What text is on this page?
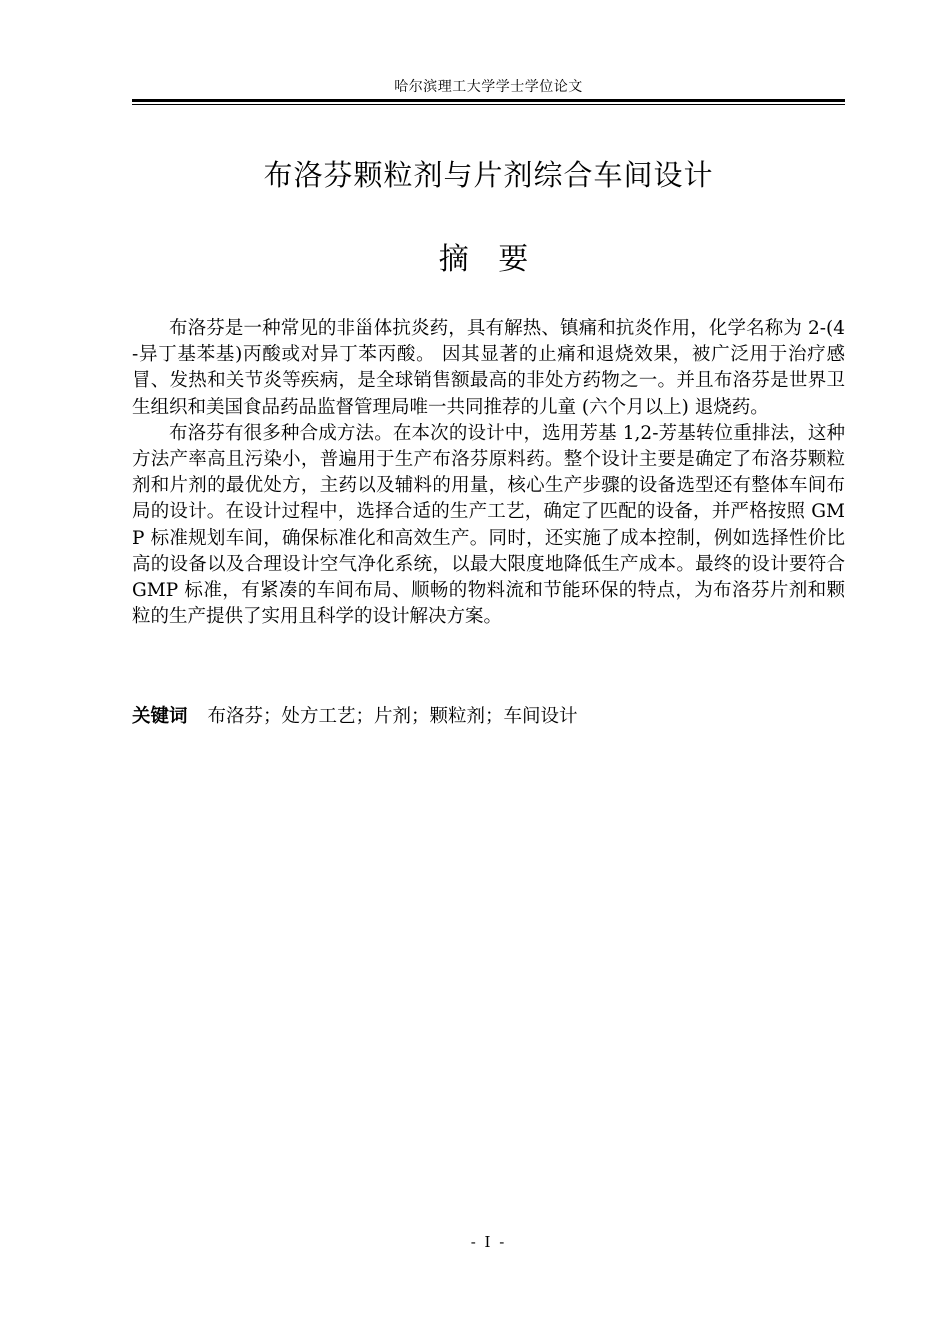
哈尔滨理工大学学士学位论文
布洛芬颗粒剂与片剂综合车间设计
摘 要

布洛芬是一种常见的非甾体抗炎药，具有解热、镇痛和抗炎作用，化学名称为 2-(4-异丁基苯基)丙酸或对异丁苯丙酸。 因其显著的止痛和退烧效果，被广泛用于治疗感冒、发热和关节炎等疾病，是全球销售额最高的非处方药物之一。并且布洛芬是世界卫生组织和美国食品药品监督管理局唯一共同推荐的儿童 (六个月以上) 退烧药。

布洛芬有很多种合成方法。在本次的设计中，选用芳基 1,2-芳基转位重排法，这种方法产率高且污染小，普遍用于生产布洛芬原料药。整个设计主要是确定了布洛芬颗粒剂和片剂的最优处方，主药以及辅料的用量，核心生产步骤的设备选型还有整体车间布局的设计。在设计过程中，选择合适的生产工艺，确定了匹配的设备，并严格按照 GMP 标准规划车间，确保标准化和高效生产。同时，还实施了成本控制，例如选择性价比高的设备以及合理设计空气净化系统，以最大限度地降低生产成本。最终的设计要符合 GMP 标准，有紧凑的车间布局、顺畅的物料流和节能环保的特点，为布洛芬片剂和颗粒的生产提供了实用且科学的设计解决方案。

关键词 布洛芬；处方工艺；片剂；颗粒剂；车间设计
- I -
